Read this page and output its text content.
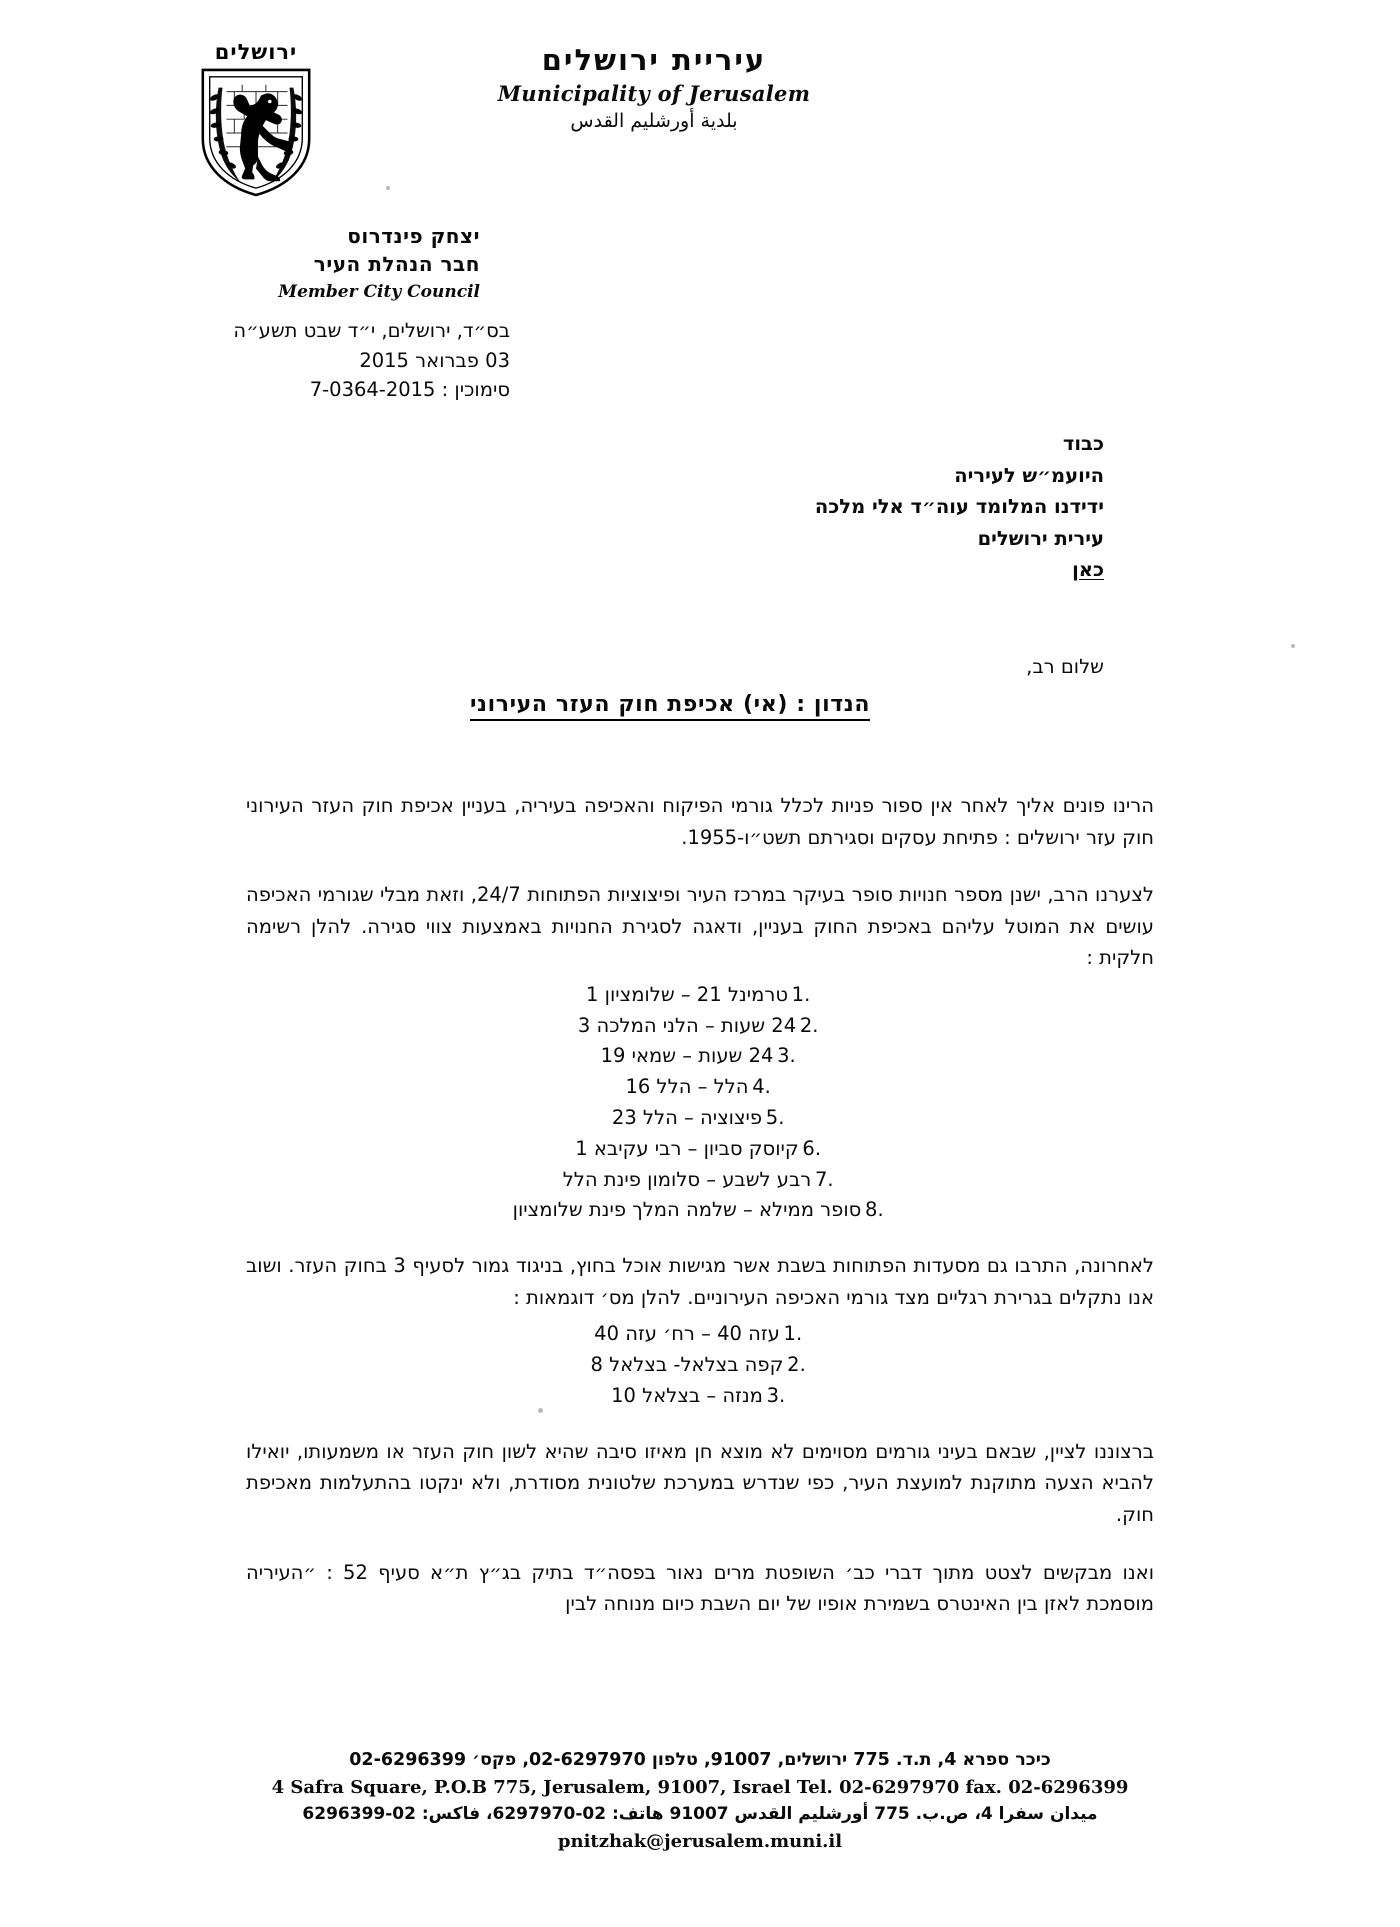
ירושלים	עיריית ירושלים
Municipality of Jerusalem
بلدية أورشليم القدس
יצחק פינדרוס
חבר הנהלת העיר
Member City Council
בס״ד, ירושלים, י״ד שבט תשע״ה
03 פברואר 2015
סימוכין : 7-0364-2015
כבוד
היועמ״ש לעיריה
ידידנו המלומד עוה״ד אלי מלכה
עירית ירושלים
כאן
שלום רב,
הנדון : (אי) אכיפת חוק העזר העירוני

הרינו פונים אליך לאחר אין ספור פניות לכלל גורמי הפיקוח והאכיפה בעיריה, בעניין אכיפת חוק העזר העירוני חוק עזר ירושלים : פתיחת עסקים וסגירתם תשט״ו-1955.

לצערנו הרב, ישנן מספר חנויות סופר בעיקר במרכז העיר ופיצוציות הפתוחות 24/7, וזאת מבלי שגורמי האכיפה עושים את המוטל עליהם באכיפת החוק בעניין, ודאגה לסגירת החנויות באמצעות צווי סגירה. להלן רשימה חלקית :

טרמינל 21 – שלומציון 1
24 שעות – הלני המלכה 3
24 שעות – שמאי 19
הלל – הלל 16
פיצוציה – הלל 23
קיוסק סביון – רבי עקיבא 1
רבע לשבע – סלומון פינת הלל
סופר ממילא – שלמה המלך פינת שלומציון

לאחרונה, התרבו גם מסעדות הפתוחות בשבת אשר מגישות אוכל בחוץ, בניגוד גמור לסעיף 3 בחוק העזר. ושוב אנו נתקלים בגרירת רגליים מצד גורמי האכיפה העירוניים. להלן מס׳ דוגמאות :

עזה 40 – רח׳ עזה 40
קפה בצלאל- בצלאל 8
מנזה – בצלאל 10

ברצוננו לציין, שבאם בעיני גורמים מסוימים לא מוצא חן מאיזו סיבה שהיא לשון חוק העזר או משמעותו, יואילו להביא הצעה מתוקנת למועצת העיר, כפי שנדרש במערכת שלטונית מסודרת, ולא ינקטו בהתעלמות מאכיפת חוק.

ואנו מבקשים לצטט מתוך דברי כב׳ השופטת מרים נאור בפסה״ד בתיק בג״ץ ת״א סעיף 52 : ״העיריה מוסמכת לאזן בין האינטרס בשמירת אופיו של יום השבת כיום מנוחה לבין

כיכר ספרא 4, ת.ד. 775 ירושלים, 91007, טלפון 02-6297970, פקס׳ 02-6296399
4 Safra Square, P.O.B 775, Jerusalem, 91007, Israel Tel. 02-6297970 fax. 02-6296399
ميدان سفرا 4، ص.ب. 775 أورشليم القدس 91007 هاتف: 02-6297970، فاكس: 02-6296399
pnitzhak@jerusalem.muni.il
